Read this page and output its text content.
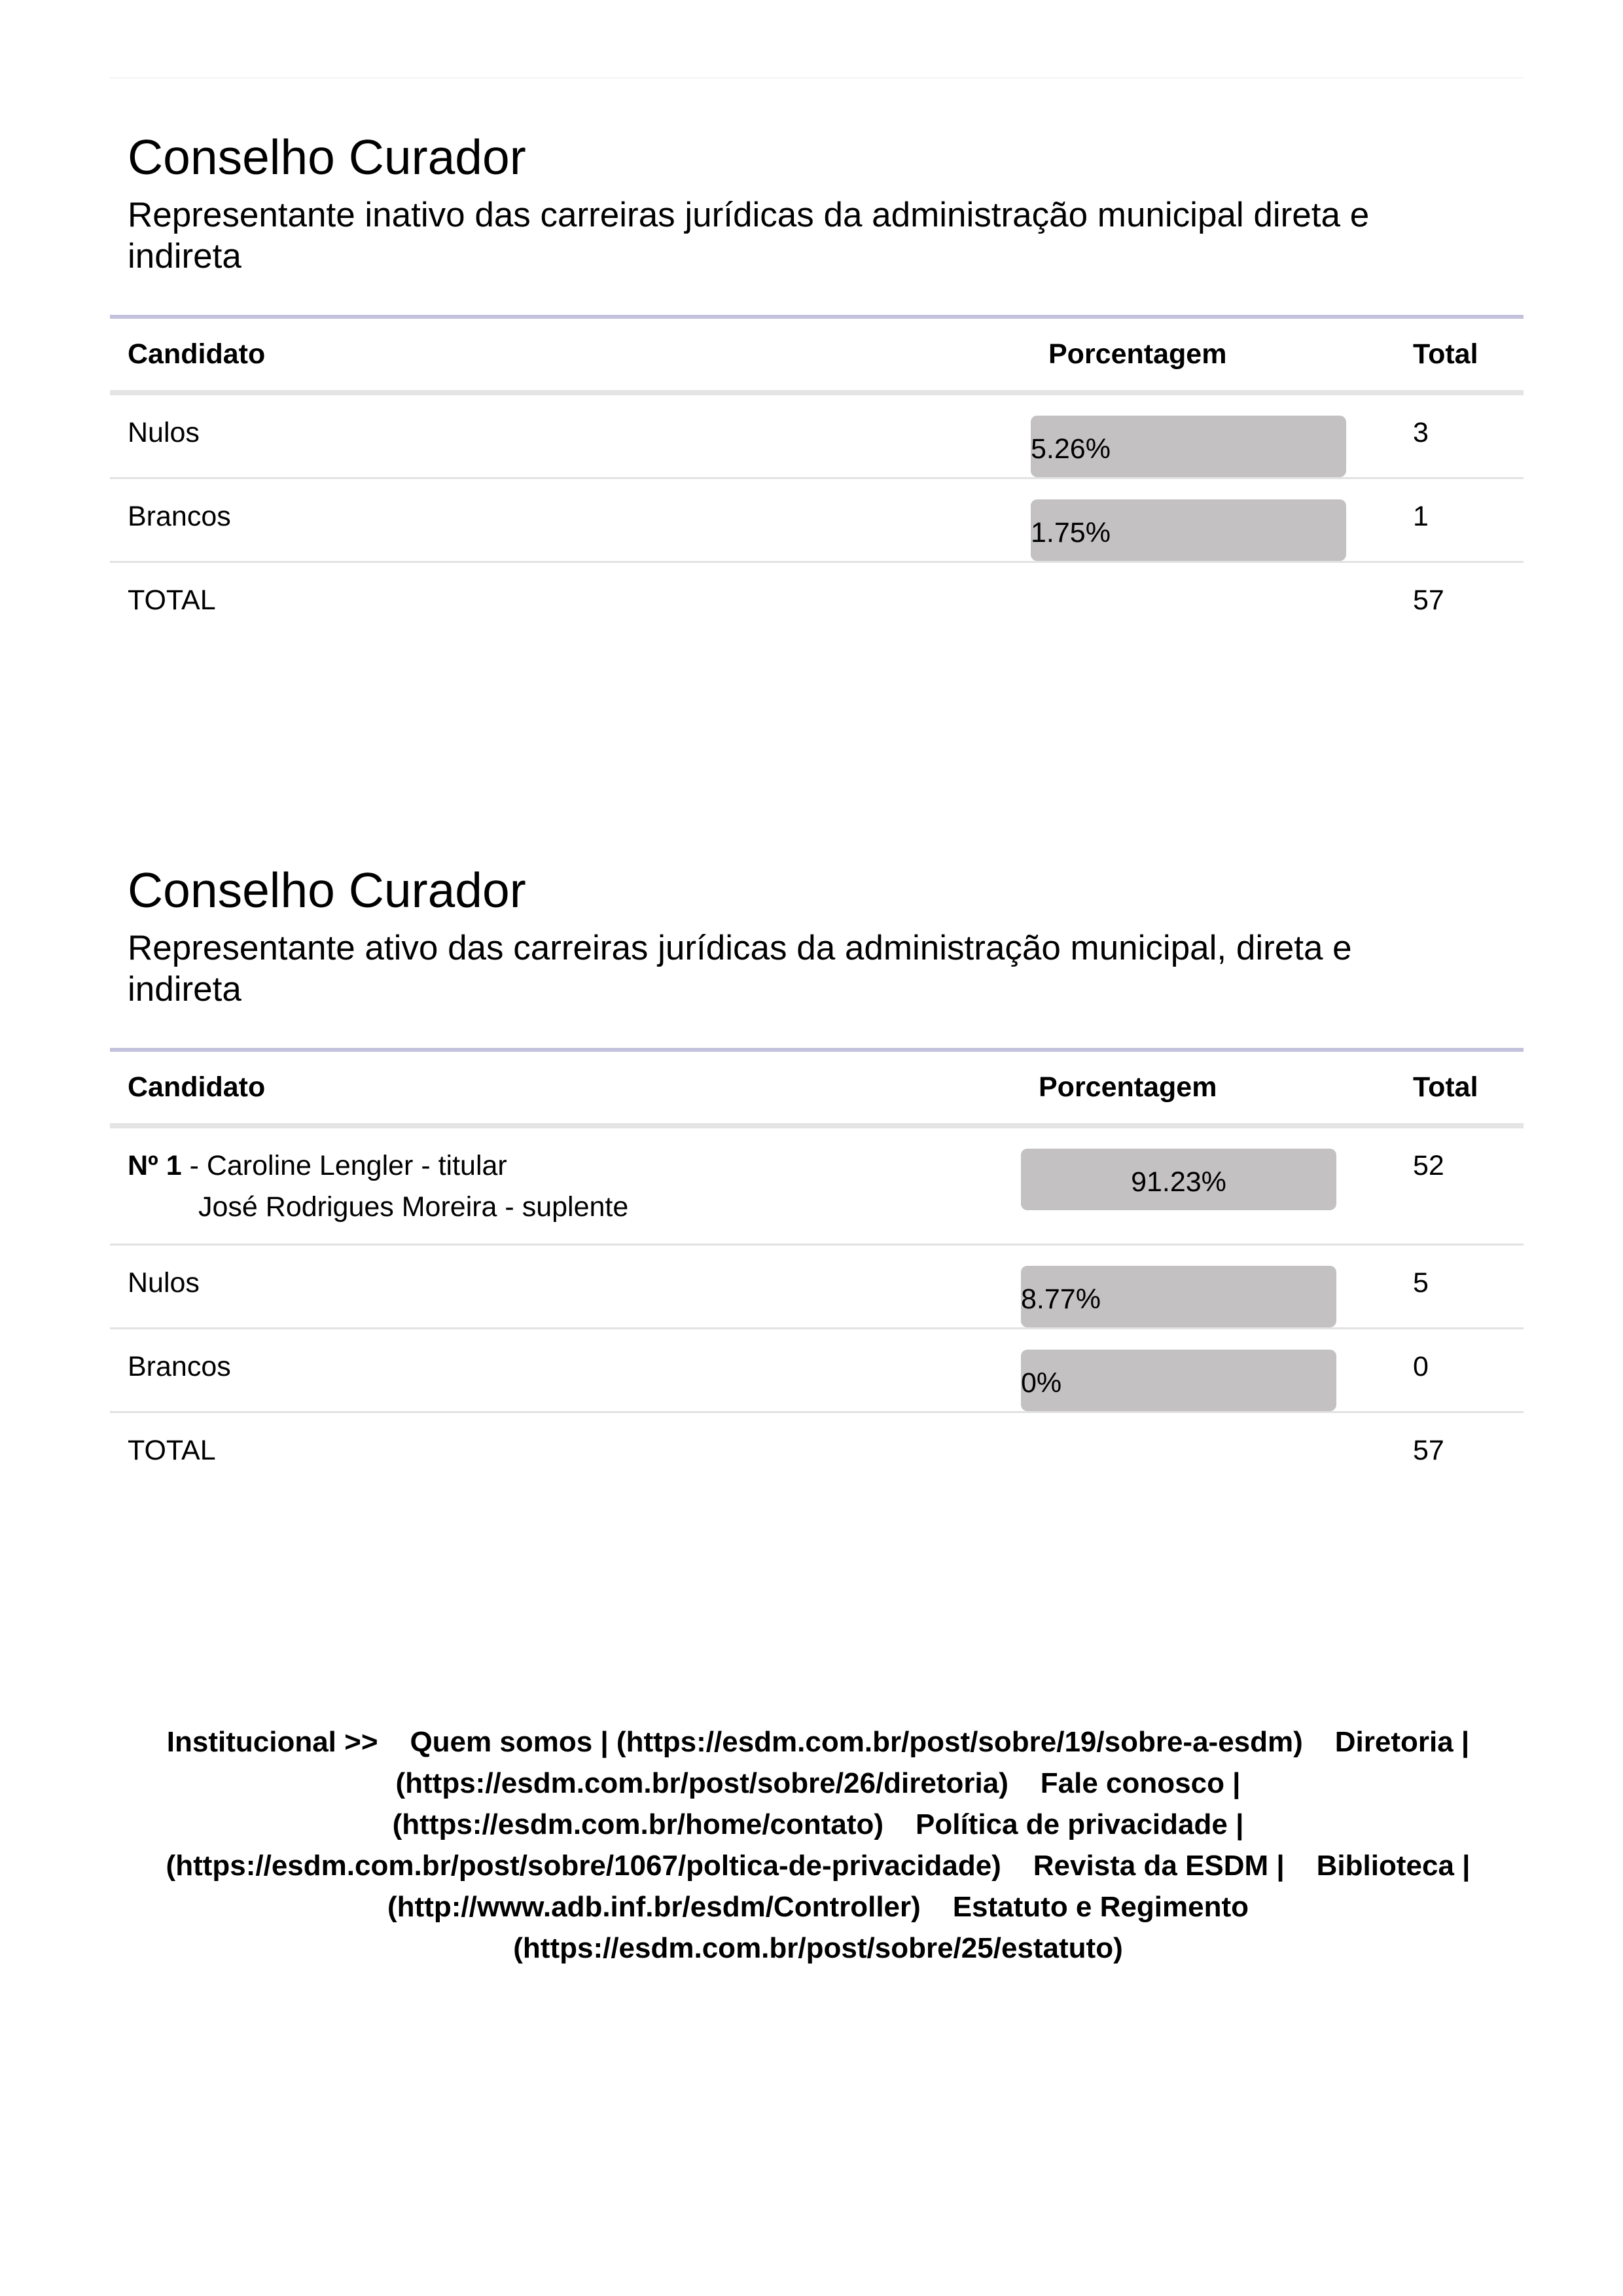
Conselho Curador
Representante inativo das carreiras jurídicas da administração municipal direta e indireta
Candidato	Porcentagem	Total
Nulos	5.26%	3
Brancos	1.75%	1
TOTAL		57
Conselho Curador
Representante ativo das carreiras jurídicas da administração municipal, direta e indireta
Candidato	Porcentagem	Total
Nº 1 - Caroline Lengler - titular
José Rodrigues Moreira - suplente	91.23%	52
Nulos	8.77%	5
Brancos	0%	0
TOTAL		57
Institucional >> Quem somos | (https://esdm.com.br/post/sobre/19/sobre-a-esdm) Diretoria | (https://esdm.com.br/post/sobre/26/diretoria) Fale conosco | (https://esdm.com.br/home/contato) Política de privacidade | (https://esdm.com.br/post/sobre/1067/poltica-de-privacidade) Revista da ESDM | Biblioteca | (http://www.adb.inf.br/esdm/Controller) Estatuto e Regimento (https://esdm.com.br/post/sobre/25/estatuto)
